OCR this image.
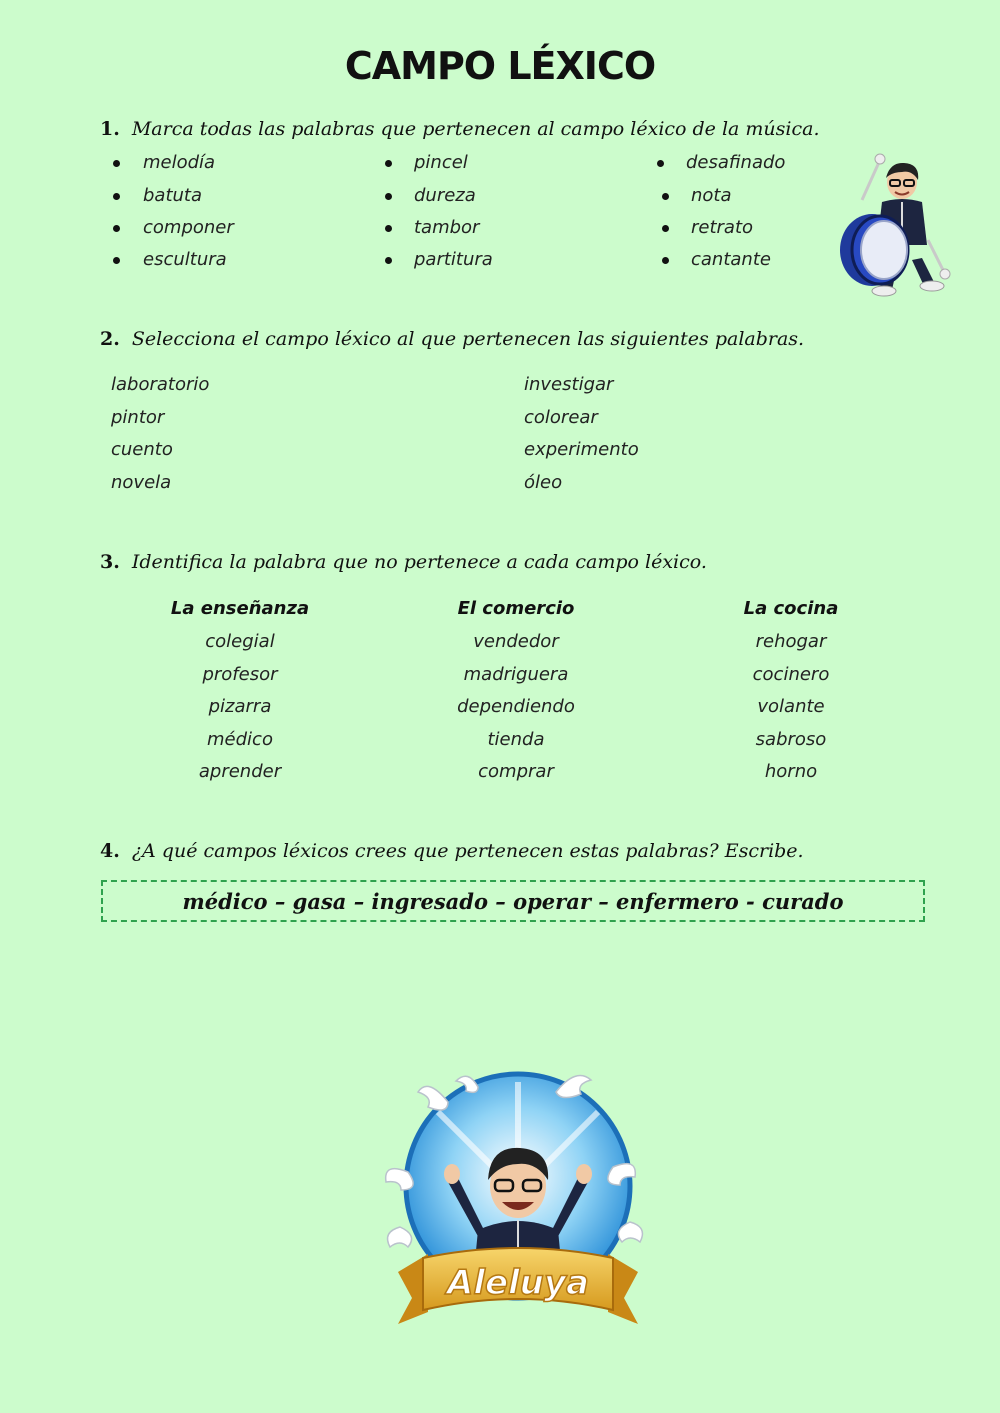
CAMPO LÉXICO
1. Marca todas las palabras que pertenecen al campo léxico de la música.
melodía
batuta
componer
escultura
pincel
dureza
tambor
partitura
desafinado
nota
retrato
cantante
2. Selecciona el campo léxico al que pertenecen las siguientes palabras.
laboratorio
pintor
cuento
novela
investigar
colorear
experimento
óleo
3. Identifica la palabra que no pertenece a cada campo léxico.
La enseñanza
colegial
profesor
pizarra
médico
aprender
El comercio
vendedor
madriguera
dependiendo
tienda
comprar
La cocina
rehogar
cocinero
volante
sabroso
horno
4. ¿A qué campos léxicos crees que pertenecen estas palabras? Escribe.
médico – gasa – ingresado – operar – enfermero - curado
Aleluya
